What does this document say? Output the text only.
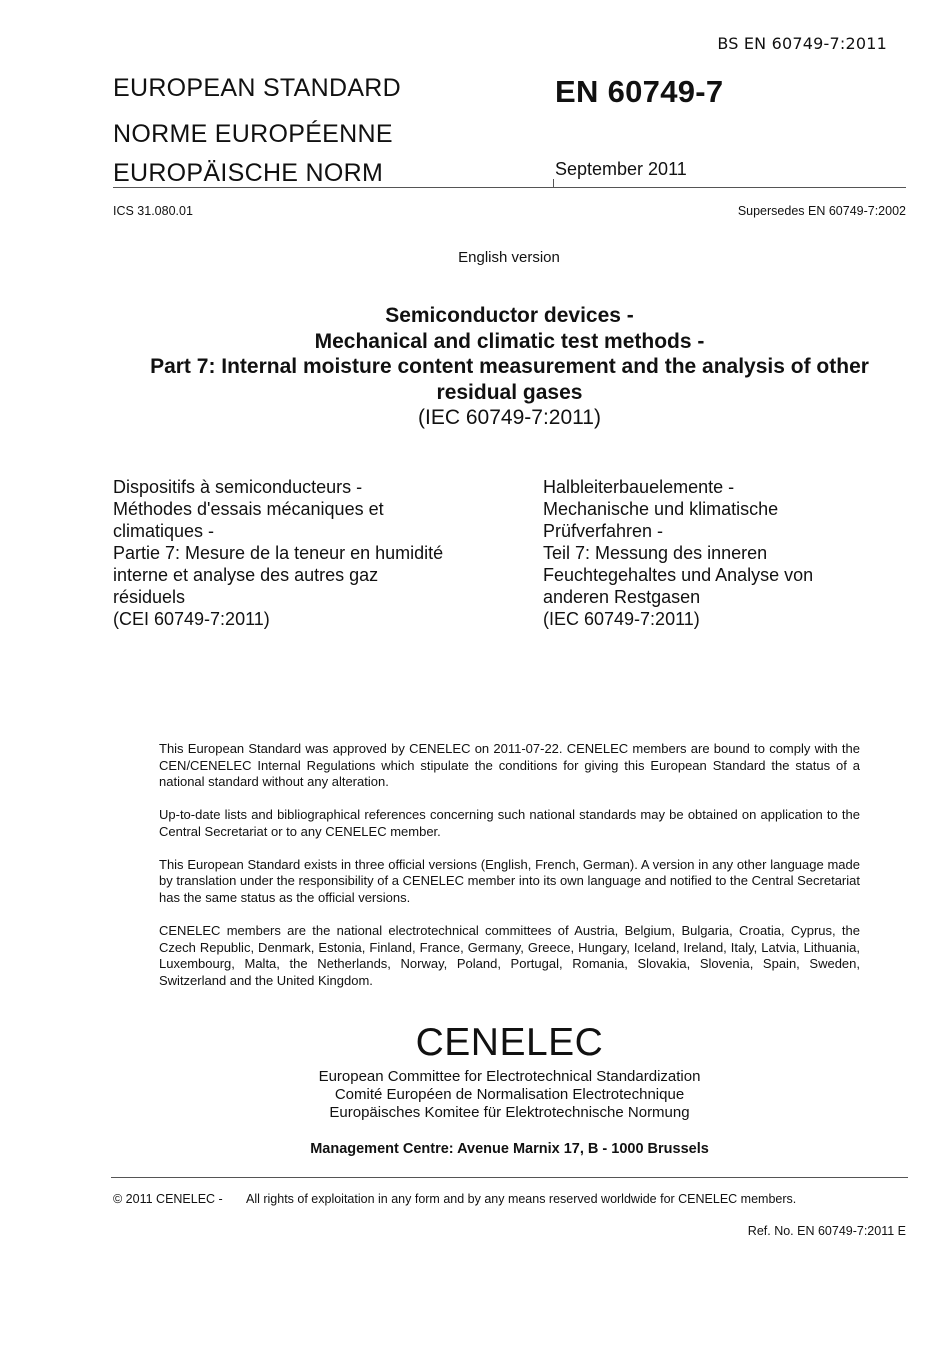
BS EN 60749-7:2011
EUROPEAN STANDARD
NORME EUROPÉENNE
EUROPÄISCHE NORM
EN 60749-7
September 2011
ICS 31.080.01	Supersedes EN 60749-7:2002
English version
Semiconductor devices -
Mechanical and climatic test methods -
Part 7: Internal moisture content measurement and the analysis of other
residual gases
(IEC 60749-7:2011)
Dispositifs à semiconducteurs -
Méthodes d'essais mécaniques et
climatiques -
Partie 7: Mesure de la teneur en humidité
interne et analyse des autres gaz
résiduels
(CEI 60749-7:2011)
Halbleiterbauelemente -
Mechanische und klimatische
Prüfverfahren -
Teil 7: Messung des inneren
Feuchtegehaltes und Analyse von
anderen Restgasen
(IEC 60749-7:2011)

This European Standard was approved by CENELEC on 2011-07-22. CENELEC members are bound to comply with the CEN/CENELEC Internal Regulations which stipulate the conditions for giving this European Standard the status of a national standard without any alteration.

Up-to-date lists and bibliographical references concerning such national standards may be obtained on application to the Central Secretariat or to any CENELEC member.

This European Standard exists in three official versions (English, French, German). A version in any other language made by translation under the responsibility of a CENELEC member into its own language and notified to the Central Secretariat has the same status as the official versions.

CENELEC members are the national electrotechnical committees of Austria, Belgium, Bulgaria, Croatia, Cyprus, the Czech Republic, Denmark, Estonia, Finland, France, Germany, Greece, Hungary, Iceland, Ireland, Italy, Latvia, Lithuania, Luxembourg, Malta, the Netherlands, Norway, Poland, Portugal, Romania, Slovakia, Slovenia, Spain, Sweden, Switzerland and the United Kingdom.

CENELEC
European Committee for Electrotechnical Standardization
Comité Européen de Normalisation Electrotechnique
Europäisches Komitee für Elektrotechnische Normung
Management Centre: Avenue Marnix 17, B - 1000 Brussels
© 2011 CENELEC - All rights of exploitation in any form and by any means reserved worldwide for CENELEC members.
Ref. No. EN 60749-7:2011 E
